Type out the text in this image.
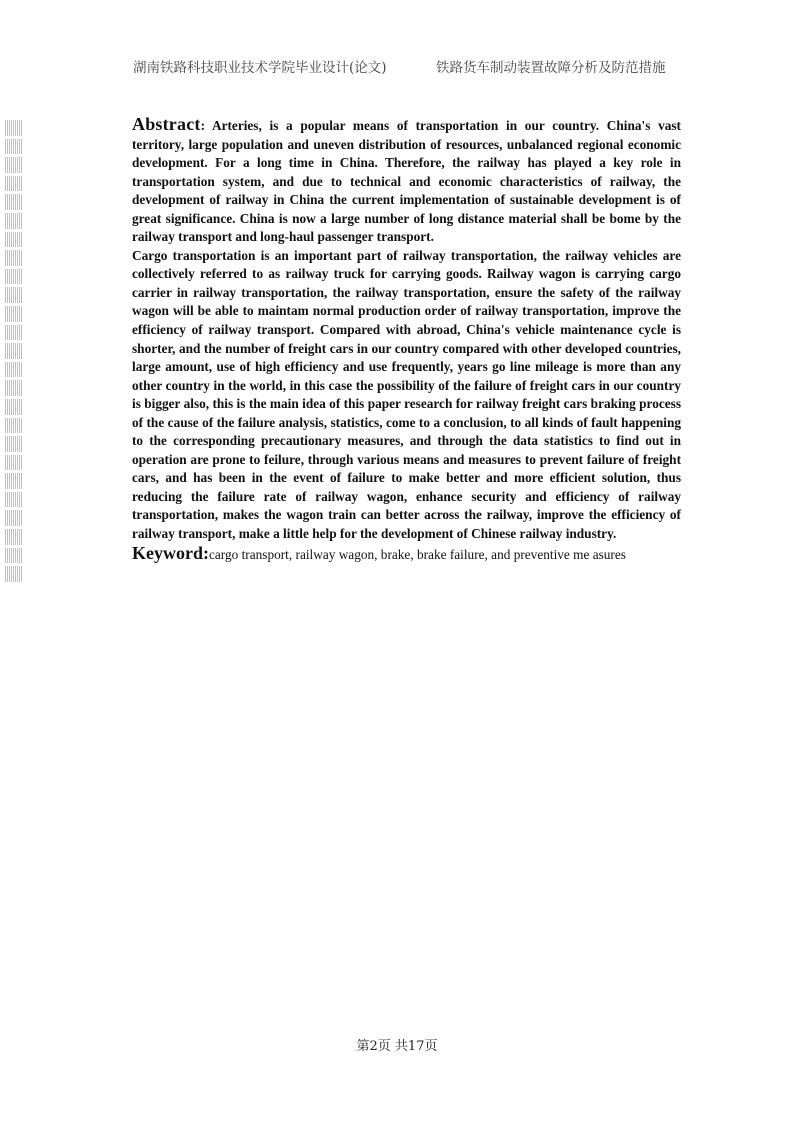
湖南铁路科技职业技术学院毕业设计(论文)	铁路货车制动装置故障分析及防范措施

Abstract: Arteries, is a popular means of transportation in our country. China's vast territory, large population and uneven distribution of resources, unbalanced regional economic development. For a long time in China. Therefore, the railway has played a key role in transportation system, and due to technical and economic characteristics of railway, the development of railway in China the current implementation of sustainable development is of great significance. China is now a large number of long distance material shall be bome by the railway transport and long-haul passenger transport.

Cargo transportation is an important part of railway transportation, the railway vehicles are collectively referred to as railway truck for carrying goods. Railway wagon is carrying cargo carrier in railway transportation, the railway transportation, ensure the safety of the railway wagon will be able to maintam normal production order of railway transportation, improve the efficiency of railway transport. Compared with abroad, China's vehicle maintenance cycle is shorter, and the number of freight cars in our country compared with other developed countries, large amount, use of high efficiency and use frequently, years go line mileage is more than any other country in the world, in this case the possibility of the failure of freight cars in our country is bigger also, this is the main idea of this paper research for railway freight cars braking process of the cause of the failure analysis, statistics, come to a conclusion, to all kinds of fault happening to the corresponding precautionary measures, and through the data statistics to find out in operation are prone to feilure, through various means and measures to prevent failure of freight cars, and has been in the event of failure to make better and more efficient solution, thus reducing the failure rate of railway wagon, enhance security and efficiency of railway transportation, makes the wagon train can better across the railway, improve the efficiency of railway transport, make a little help for the development of Chinese railway industry.

Keyword:cargo transport, railway wagon, brake, brake failure, and preventive me asures

第2页 共17页
